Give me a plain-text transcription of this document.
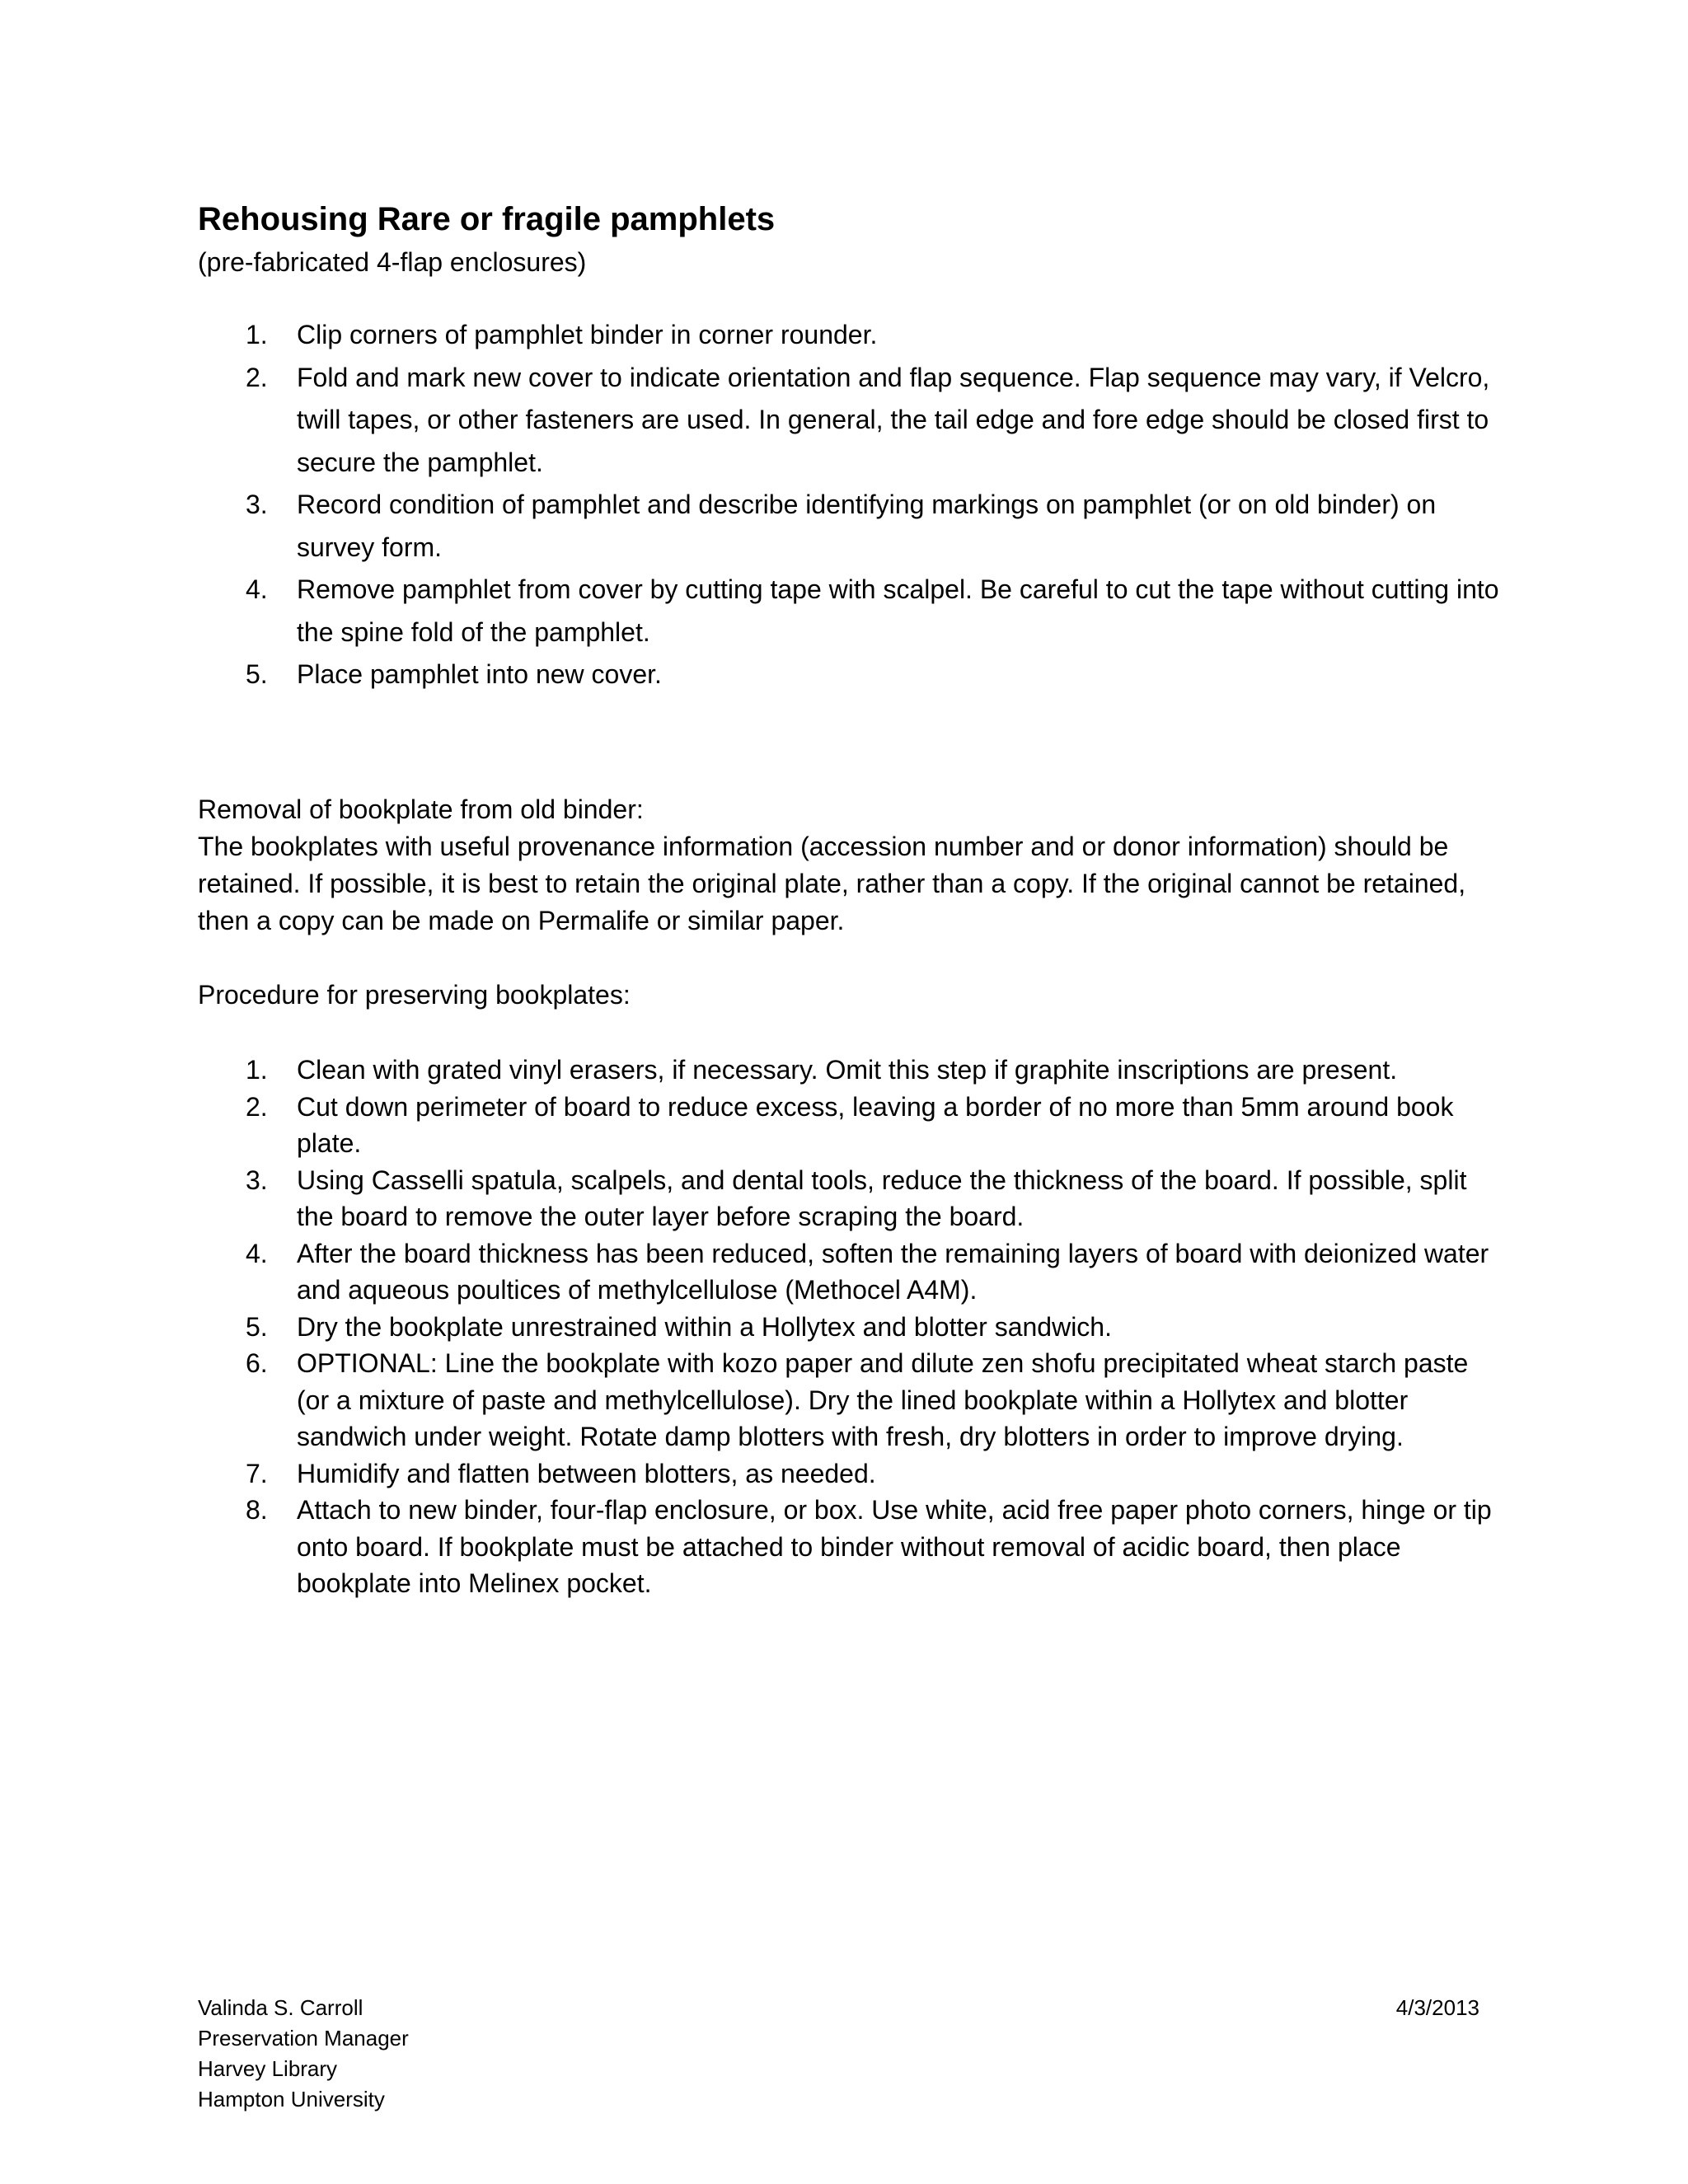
Rehousing Rare or fragile pamphlets

(pre-fabricated 4-flap enclosures)

1. Clip corners of pamphlet binder in corner rounder.
2. Fold and mark new cover to indicate orientation and flap sequence. Flap sequence may vary, if Velcro, twill tapes, or other fasteners are used. In general, the tail edge and fore edge should be closed first to secure the pamphlet.
3. Record condition of pamphlet and describe identifying markings on pamphlet (or on old binder) on survey form.
4. Remove pamphlet from cover by cutting tape with scalpel. Be careful to cut the tape without cutting into the spine fold of the pamphlet.
5. Place pamphlet into new cover.

Removal of bookplate from old binder:

The bookplates with useful provenance information (accession number and or donor information) should be retained. If possible, it is best to retain the original plate, rather than a copy. If the original cannot be retained, then a copy can be made on Permalife or similar paper.

Procedure for preserving bookplates:

1. Clean with grated vinyl erasers, if necessary. Omit this step if graphite inscriptions are present.
2. Cut down perimeter of board to reduce excess, leaving a border of no more than 5mm around book plate.
3. Using Casselli spatula, scalpels, and dental tools, reduce the thickness of the board. If possible, split the board to remove the outer layer before scraping the board.
4. After the board thickness has been reduced, soften the remaining layers of board with deionized water and aqueous poultices of methylcellulose (Methocel A4M).
5. Dry the bookplate unrestrained within a Hollytex and blotter sandwich.
6. OPTIONAL: Line the bookplate with kozo paper and dilute zen shofu precipitated wheat starch paste (or a mixture of paste and methylcellulose). Dry the lined bookplate within a Hollytex and blotter sandwich under weight. Rotate damp blotters with fresh, dry blotters in order to improve drying.
7. Humidify and flatten between blotters, as needed.
8. Attach to new binder, four-flap enclosure, or box. Use white, acid free paper photo corners, hinge or tip onto board. If bookplate must be attached to binder without removal of acidic board, then place bookplate into Melinex pocket.
Valinda S. Carroll
Preservation Manager
Harvey Library
Hampton University
4/3/2013
